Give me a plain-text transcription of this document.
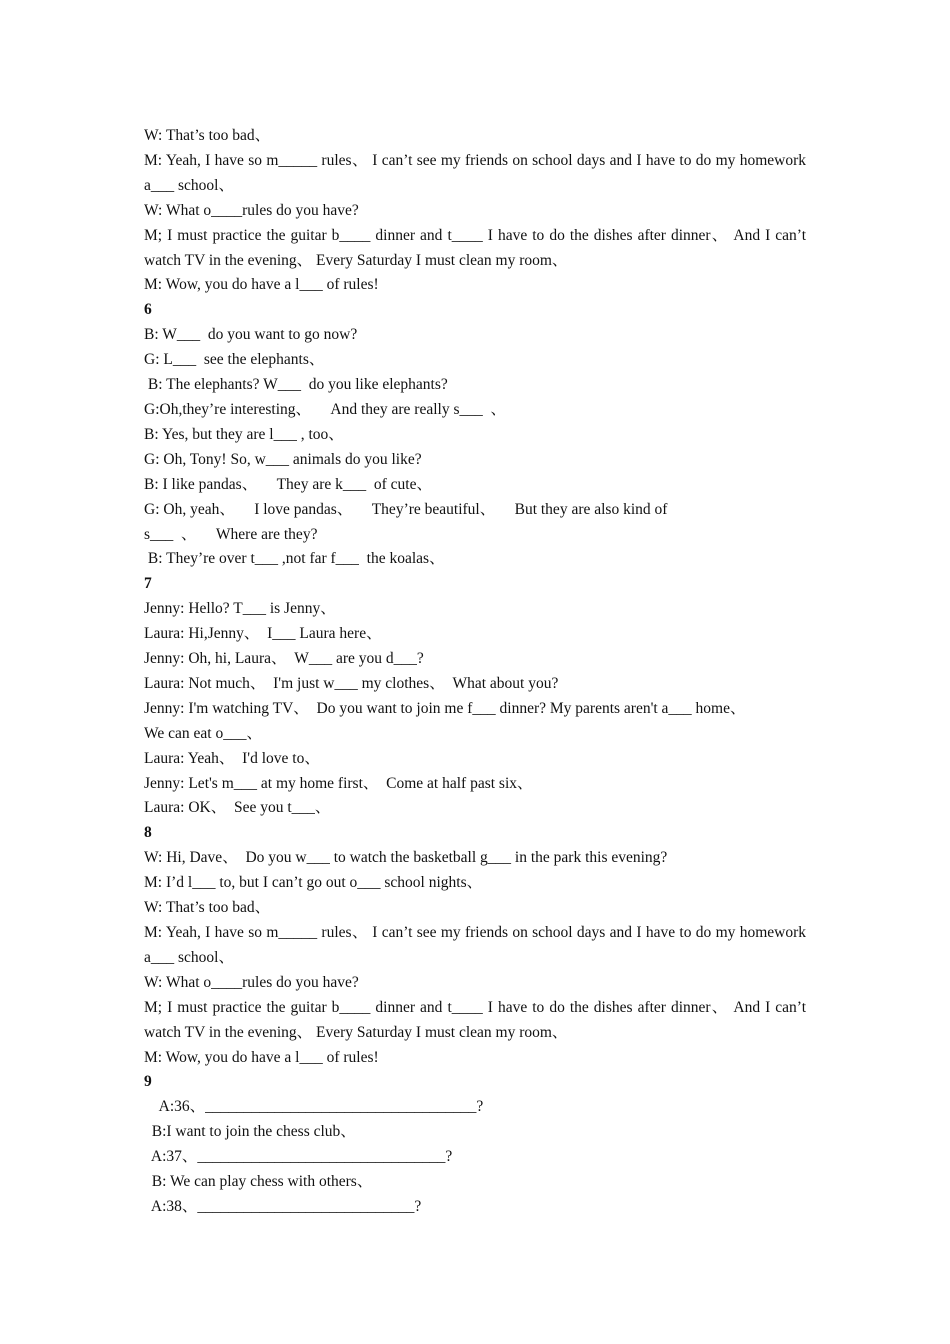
W: That’s too bad、
M: Yeah, I have so m_____ rules、 I can’t see my friends on school days and I have to do my homework a___ school、
W: What o____rules do you have?
M; I must practice the guitar b____ dinner and t____ I have to do the dishes after dinner、 And I can’t watch TV in the evening、 Every Saturday I must clean my room、
M: Wow, you do have a l___ of rules!
6
B: W___  do you want to go now?
G: L___  see the elephants、
B: The elephants? W___  do you like elephants?
G:Oh,they’re interesting、     And they are really s___  、
B: Yes, but they are l___ , too、
G: Oh, Tony! So, w___ animals do you like?
B: I like pandas、     They are k___  of cute、
G: Oh, yeah、     I love pandas、     They’re beautiful、     But they are also kind of
s___  、     Where are they?
B: They’re over t___ ,not far f___  the koalas、
7
Jenny: Hello? T___ is Jenny、
Laura: Hi,Jenny、  I___ Laura here、
Jenny: Oh, hi, Laura、  W___ are you d___?
Laura: Not much、  I'm just w___ my clothes、  What about you?
Jenny: I'm watching TV、  Do you want to join me f___ dinner? My parents aren't a___ home、
We can eat o___、
Laura: Yeah、  I'd love to、
Jenny: Let's m___ at my home first、  Come at half past six、
Laura: OK、  See you t___、
8
W: Hi, Dave、  Do you w___ to watch the basketball g___ in the park this evening?
M: I’d l___ to, but I can’t go out o___ school nights、
W: That’s too bad、
M: Yeah, I have so m_____ rules、 I can’t see my friends on school days and I have to do my homework a___ school、
W: What o____rules do you have?
M; I must practice the guitar b____ dinner and t____ I have to do the dishes after dinner、 And I can’t watch TV in the evening、 Every Saturday I must clean my room、
M: Wow, you do have a l___ of rules!
9
A:36、___________________________________?
B:I want to join the chess club、
A:37、________________________________?
B: We can play chess with others、
A:38、____________________________?
